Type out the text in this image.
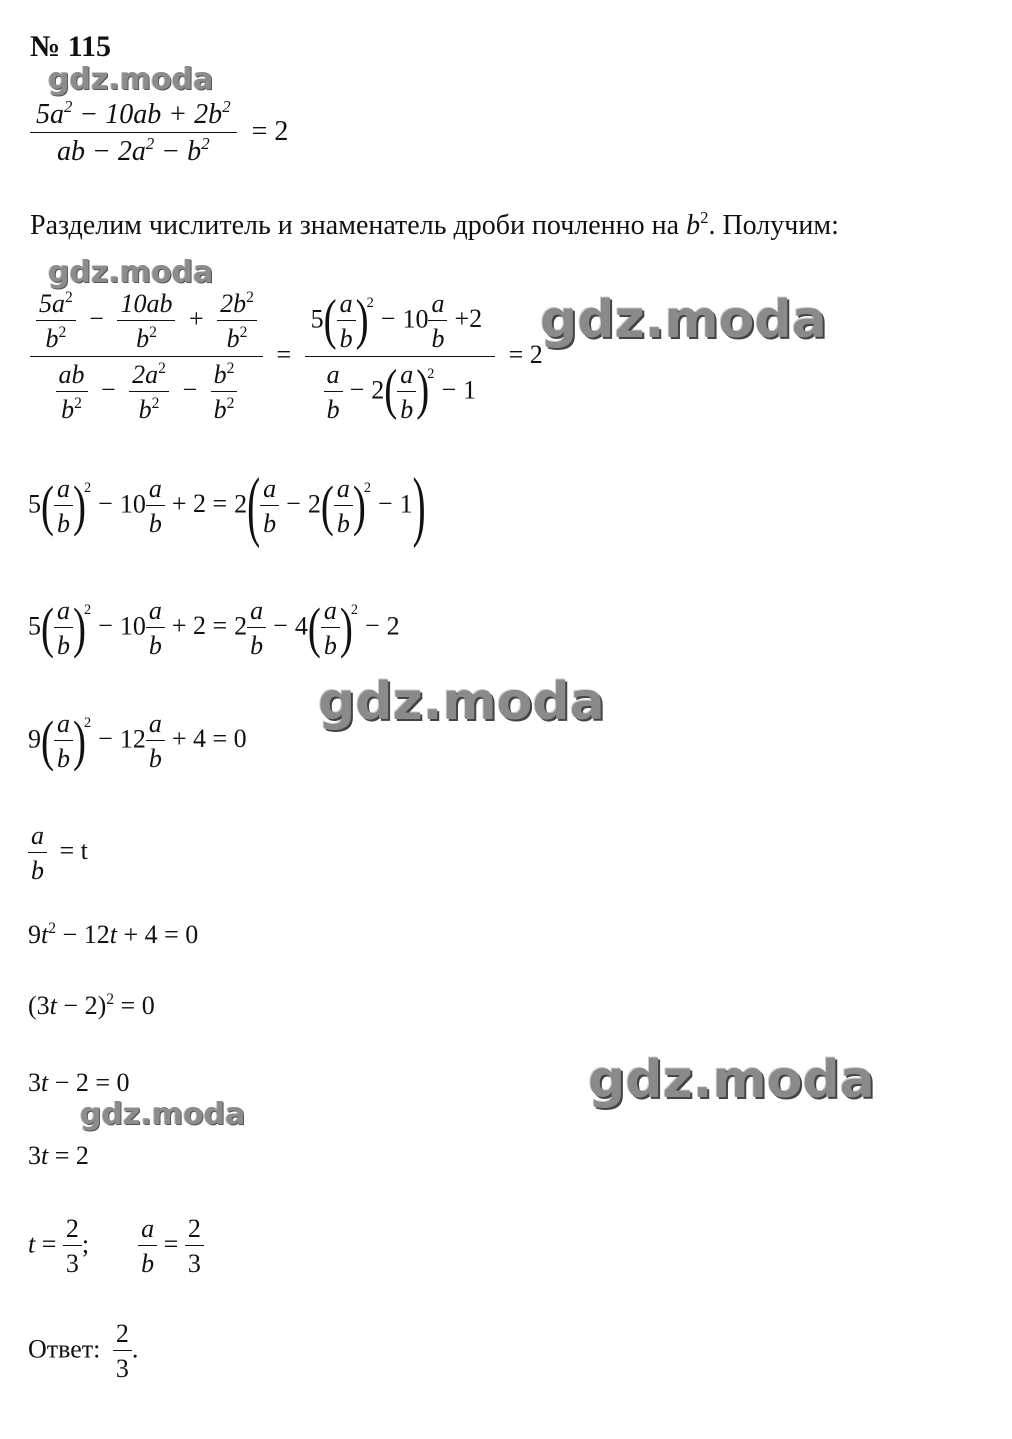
№ 115
gdz.moda
gdz.moda
gdz.moda
gdz.moda
gdz.moda
gdz.moda
$\frac{5a^2 - 10ab + 2b^2}{ab - 2a^2 - b^2} = 2$
Разделим числитель и знаменатель дроби почленно на $b^2$. Получим:
$\frac{\frac{5a^2}{b^2} - \frac{10ab}{b^2} + \frac{2b^2}{b^2}}{\frac{ab}{b^2} - \frac{2a^2}{b^2} - \frac{b^2}{b^2}} = \frac{5( \frac{a}{b} )^2- 10 \frac{a}{b} +2}{\frac{a}{b} - 2( \frac{a}{b} )^2- 1} = 2$
$5( \frac{a}{b} )^2- 10 \frac{a}{b} + 2 = 2( \frac{a}{b} - 2( \frac{a}{b} )^2- 1)$
$5( \frac{a}{b} )^2- 10 \frac{a}{b} + 2 = 2 \frac{a}{b} - 4( \frac{a}{b} )^2- 2$
$9( \frac{a}{b} )^2- 12 \frac{a}{b} + 4 = 0$
$\frac{a}{b} = t$
$9t^2 - 12t + 4 = 0$
$(3t - 2)^2 = 0$
3t − 2 = 0
3t = 2
$t = \frac{2}{3}$ ; $\frac{a}{b} = \frac{2}{3}$
Ответ: $\frac{2}{3}$ .
